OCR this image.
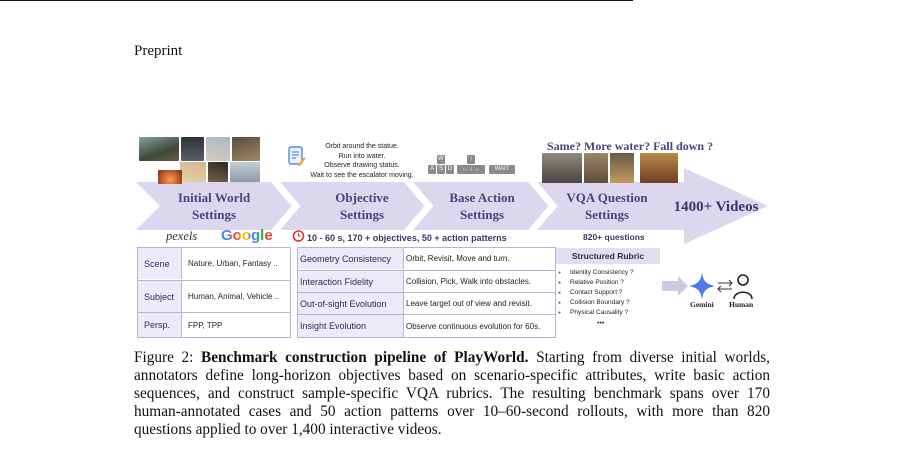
Preprint
Initial World
Settings
Objective
Settings
Base Action
Settings
VQA Question
Settings	1400+ Videos
pexels Google
Orbit around the statue.
Run into water.
Observe drawing status.
Wait to see the escalator moving.
W
A S D
↑
← ↓ →	WAIT
Same? More water? Fall down ?
10 - 60 s, 170 + objectives, 50 + action patterns	820+ questions
Scene	Nature, Urban, Fantasy ..
Subject	Human, Animal, Vehicle ..
Persp.	FPP, TPP
Geometry Consistency	Orbit, Revisit, Move and turn.
Interaction Fidelity	Collision, Pick, Walk into obstacles.
Out-of-sight Evolution	Leave target out of view and revisit.
Insight Evolution	Observe continuous evolution for 60s.
Structured Rubric
● Identity Consistency ?
● Relative Position ?
● Contact Support ?
● Collision Boundary ?
● Physical Causality ?
•••
Gemini Human
Figure 2: Benchmark construction pipeline of PlayWorld. Starting from diverse initial worlds, annotators define long-horizon objectives based on scenario-specific attributes, write basic action sequences, and construct sample-specific VQA rubrics. The resulting benchmark spans over 170 human-annotated cases and 50 action patterns over 10–60-second rollouts, with more than 820 questions applied to over 1,400 interactive videos.
